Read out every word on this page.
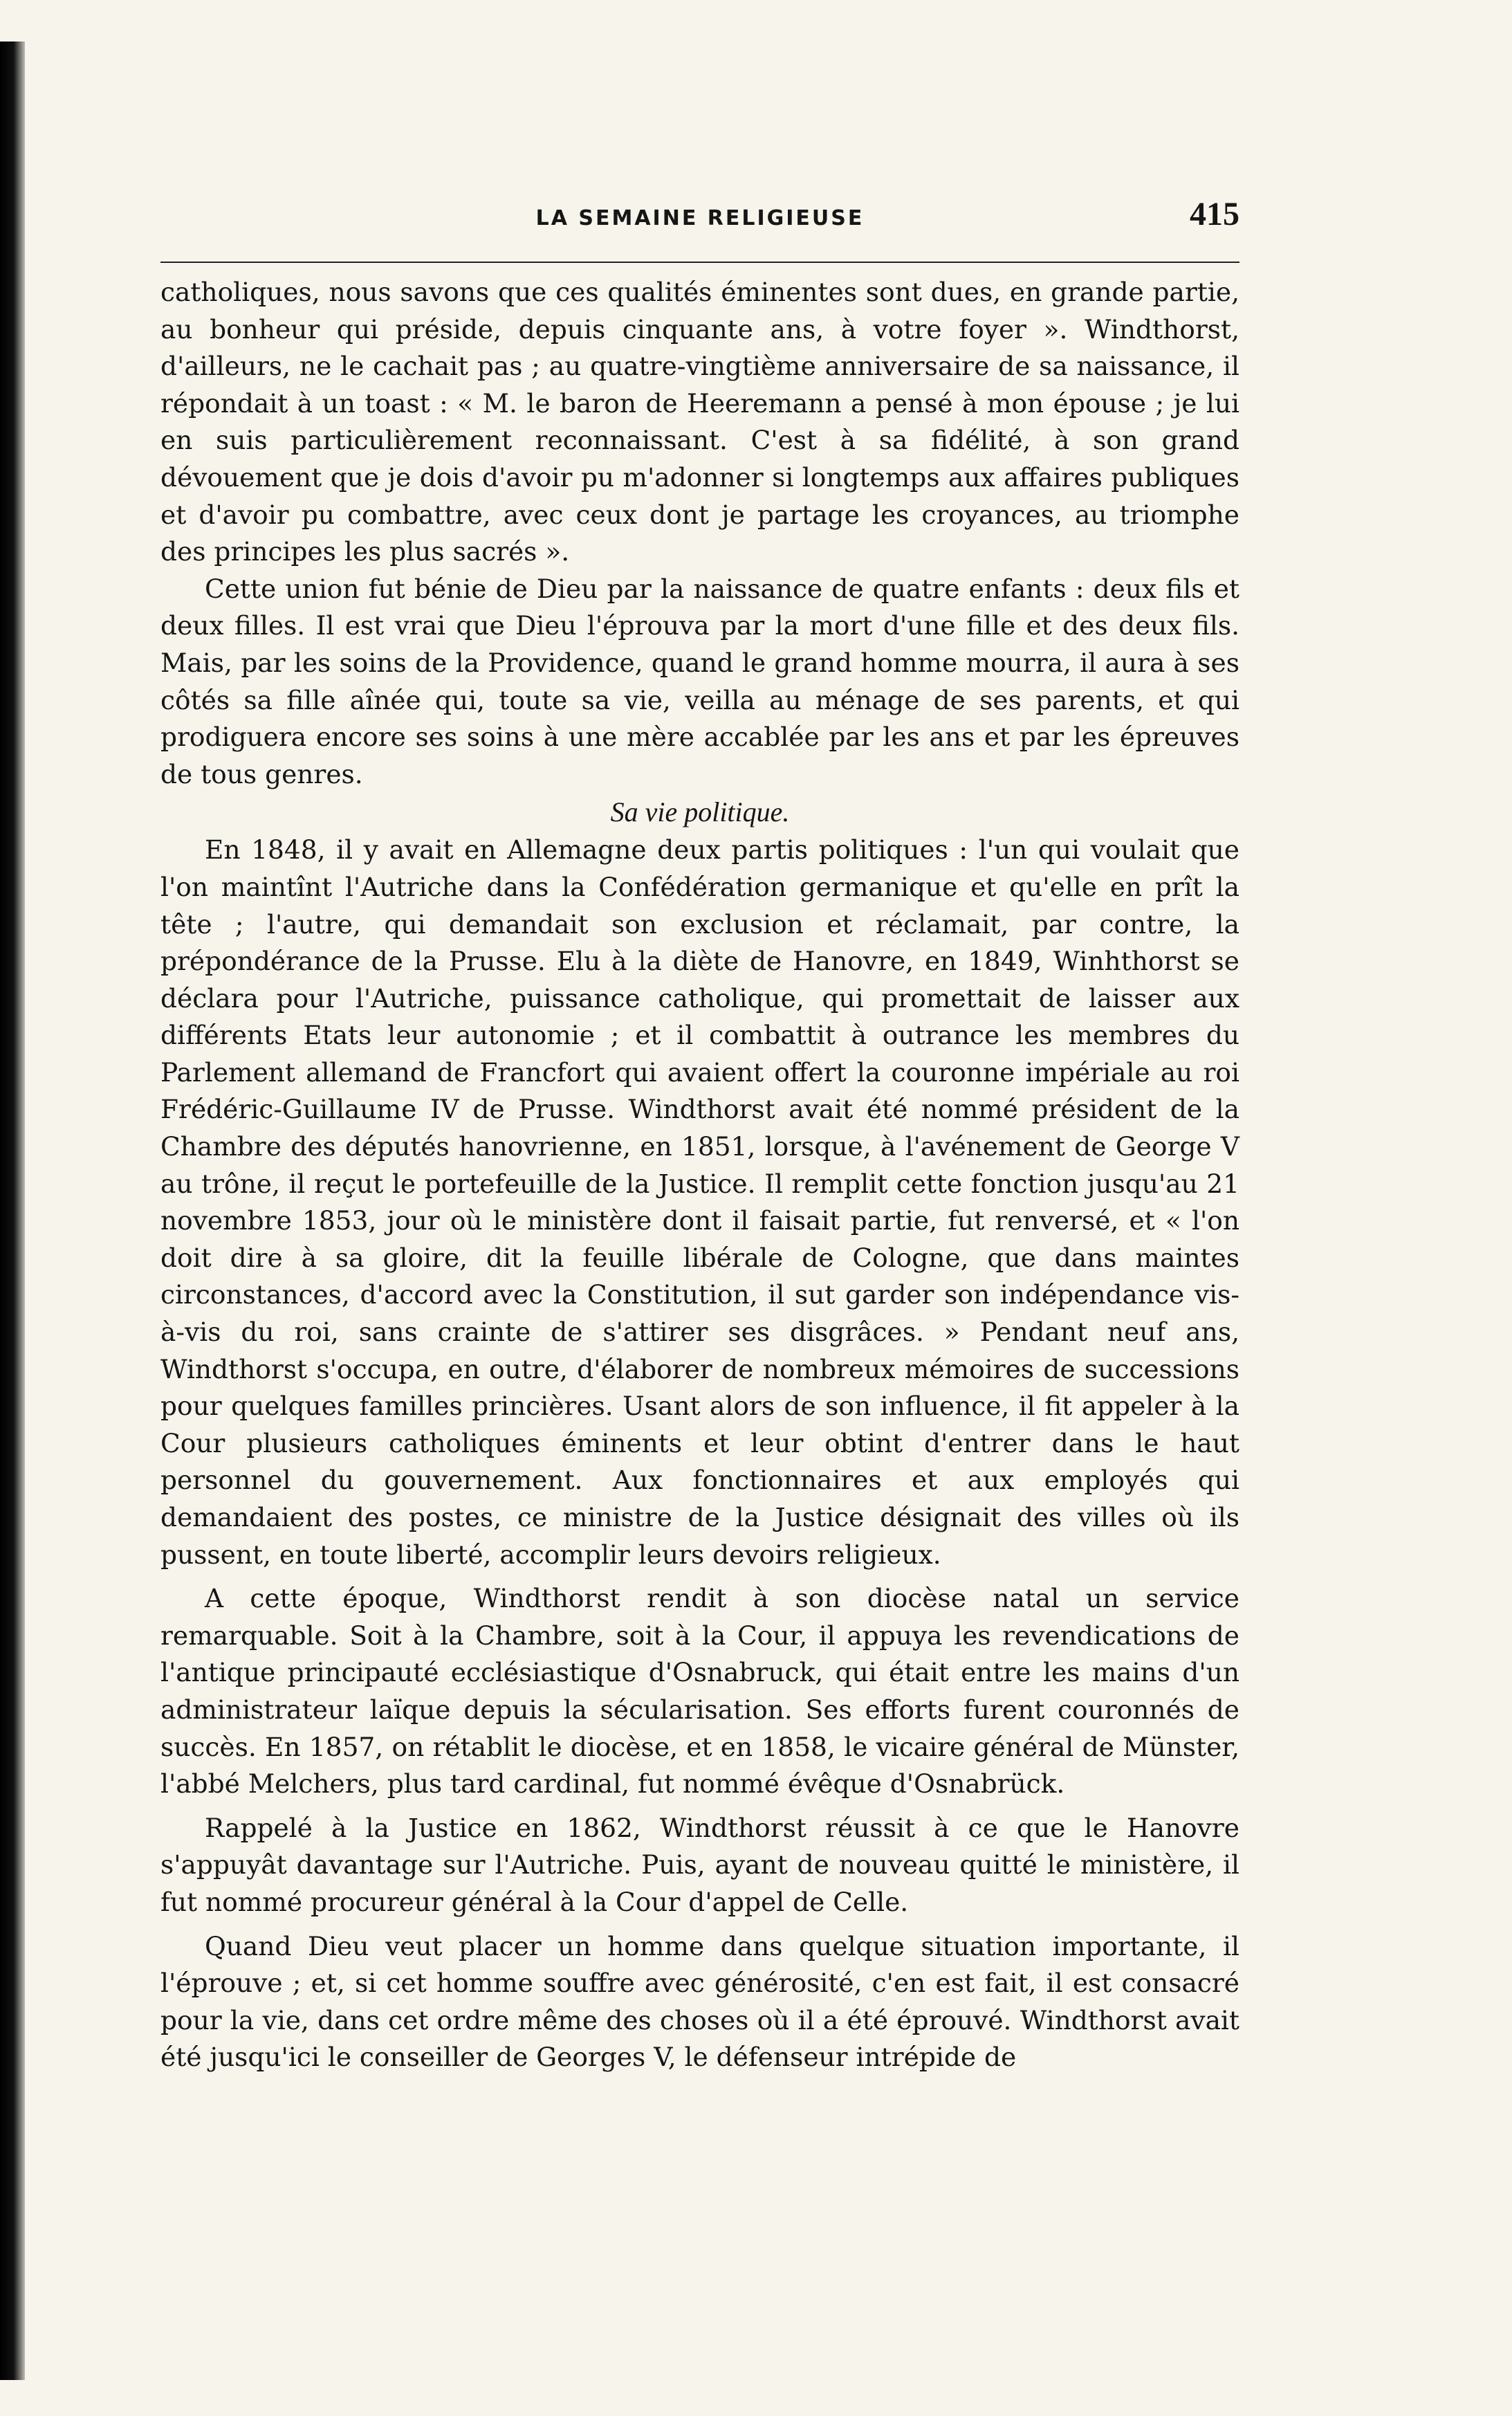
LA SEMAINE RELIGIEUSE	415

catholiques, nous savons que ces qualités éminentes sont dues, en grande partie, au bonheur qui préside, depuis cinquante ans, à votre foyer ». Windthorst, d'ailleurs, ne le cachait pas ; au quatre-vingtième anniversaire de sa naissance, il répondait à un toast : « M. le baron de Heeremann a pensé à mon épouse ; je lui en suis particulièrement reconnaissant. C'est à sa fidélité, à son grand dévouement que je dois d'avoir pu m'adonner si longtemps aux affaires publiques et d'avoir pu combattre, avec ceux dont je partage les croyances, au triomphe des principes les plus sacrés ».

Cette union fut bénie de Dieu par la naissance de quatre enfants : deux fils et deux filles. Il est vrai que Dieu l'éprouva par la mort d'une fille et des deux fils. Mais, par les soins de la Providence, quand le grand homme mourra, il aura à ses côtés sa fille aînée qui, toute sa vie, veilla au ménage de ses parents, et qui prodiguera encore ses soins à une mère accablée par les ans et par les épreuves de tous genres.

Sa vie politique.

En 1848, il y avait en Allemagne deux partis politiques : l'un qui voulait que l'on maintînt l'Autriche dans la Confédération germanique et qu'elle en prît la tête ; l'autre, qui demandait son exclusion et réclamait, par contre, la prépondérance de la Prusse. Elu à la diète de Hanovre, en 1849, Winhthorst se déclara pour l'Autriche, puissance catholique, qui promettait de laisser aux différents Etats leur autonomie ; et il combattit à outrance les membres du Parlement allemand de Francfort qui avaient offert la couronne impériale au roi Frédéric-Guillaume IV de Prusse. Windthorst avait été nommé président de la Chambre des députés hanovrienne, en 1851, lorsque, à l'avénement de George V au trône, il reçut le portefeuille de la Justice. Il remplit cette fonction jusqu'au 21 novembre 1853, jour où le ministère dont il faisait partie, fut renversé, et « l'on doit dire à sa gloire, dit la feuille libérale de Cologne, que dans maintes circonstances, d'accord avec la Constitution, il sut garder son indépendance vis-à-vis du roi, sans crainte de s'attirer ses disgrâces. » Pendant neuf ans, Windthorst s'occupa, en outre, d'élaborer de nombreux mémoires de successions pour quelques familles princières. Usant alors de son influence, il fit appeler à la Cour plusieurs catholiques éminents et leur obtint d'entrer dans le haut personnel du gouvernement. Aux fonctionnaires et aux employés qui demandaient des postes, ce ministre de la Justice désignait des villes où ils pussent, en toute liberté, accomplir leurs devoirs religieux.

A cette époque, Windthorst rendit à son diocèse natal un service remarquable. Soit à la Chambre, soit à la Cour, il appuya les revendications de l'antique principauté ecclésiastique d'Osnabruck, qui était entre les mains d'un administrateur laïque depuis la sécularisation. Ses efforts furent couronnés de succès. En 1857, on rétablit le diocèse, et en 1858, le vicaire général de Münster, l'abbé Melchers, plus tard cardinal, fut nommé évêque d'Osnabrück.

Rappelé à la Justice en 1862, Windthorst réussit à ce que le Hanovre s'appuyât davantage sur l'Autriche. Puis, ayant de nouveau quitté le ministère, il fut nommé procureur général à la Cour d'appel de Celle.

Quand Dieu veut placer un homme dans quelque situation importante, il l'éprouve ; et, si cet homme souffre avec générosité, c'en est fait, il est consacré pour la vie, dans cet ordre même des choses où il a été éprouvé. Windthorst avait été jusqu'ici le conseiller de Georges V, le défenseur intrépide de
